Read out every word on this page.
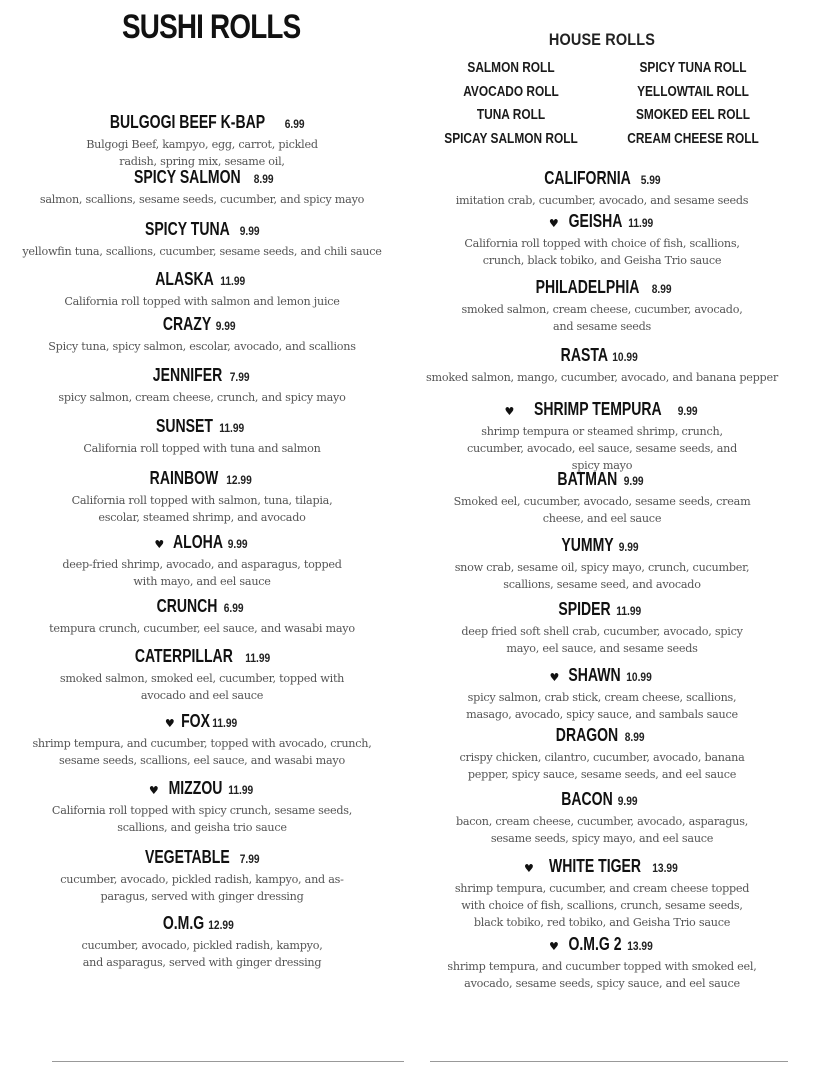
SUSHI ROLLS
BULGOGI BEEF K-BAP 6.99

Bulgogi Beef, kampyo, egg, carrot, pickled radish, spring mix, sesame oil,

SPICY SALMON 8.99

salmon, scallions, sesame seeds, cucumber, and spicy mayo

SPICY TUNA 9.99

yellowfin tuna, scallions, cucumber, sesame seeds, and chili sauce

ALASKA 11.99

California roll topped with salmon and lemon juice

CRAZY 9.99

Spicy tuna, spicy salmon, escolar, avocado, and scallions

JENNIFER 7.99

spicy salmon, cream cheese, crunch, and spicy mayo

SUNSET 11.99

California roll topped with tuna and salmon

RAINBOW 12.99

California roll topped with salmon, tuna, tilapia, escolar, steamed shrimp, and avocado

♥ ALOHA 9.99

deep-fried shrimp, avocado, and asparagus, topped with mayo, and eel sauce

CRUNCH 6.99

tempura crunch, cucumber, eel sauce, and wasabi mayo

CATERPILLAR 11.99

smoked salmon, smoked eel, cucumber, topped with avocado and eel sauce

♥ FOX 11.99

shrimp tempura, and cucumber, topped with avocado, crunch, sesame seeds, scallions, eel sauce, and wasabi mayo

♥ MIZZOU 11.99

California roll topped with spicy crunch, sesame seeds, scallions, and geisha trio sauce

VEGETABLE 7.99

cucumber, avocado, pickled radish, kampyo, and as-paragus, served with ginger dressing

O.M.G 12.99

cucumber, avocado, pickled radish, kampyo, and asparagus, served with ginger dressing

HOUSE ROLLS
SALMON ROLL	SPICY TUNA ROLL
AVOCADO ROLL	YELLOWTAIL ROLL
TUNA ROLL	SMOKED EEL ROLL
SPICAY SALMON ROLL	CREAM CHEESE ROLL
CALIFORNIA 5.99

imitation crab, cucumber, avocado, and sesame seeds

♥ GEISHA 11.99

California roll topped with choice of fish, scallions, crunch, black tobiko, and Geisha Trio sauce

PHILADELPHIA 8.99

smoked salmon, cream cheese, cucumber, avocado, and sesame seeds

RASTA 10.99

smoked salmon, mango, cucumber, avocado, and banana pepper

♥ SHRIMP TEMPURA 9.99

shrimp tempura or steamed shrimp, crunch, cucumber, avocado, eel sauce, sesame seeds, and spicy mayo

BATMAN 9.99

Smoked eel, cucumber, avocado, sesame seeds, cream cheese, and eel sauce

YUMMY 9.99

snow crab, sesame oil, spicy mayo, crunch, cucumber, scallions, sesame seed, and avocado

SPIDER 11.99

deep fried soft shell crab, cucumber, avocado, spicy mayo, eel sauce, and sesame seeds

♥ SHAWN 10.99

spicy salmon, crab stick, cream cheese, scallions, masago, avocado, spicy sauce, and sambals sauce

DRAGON 8.99

crispy chicken, cilantro, cucumber, avocado, banana pepper, spicy sauce, sesame seeds, and eel sauce

BACON 9.99

bacon, cream cheese, cucumber, avocado, asparagus, sesame seeds, spicy mayo, and eel sauce

♥ WHITE TIGER 13.99

shrimp tempura, cucumber, and cream cheese topped with choice of fish, scallions, crunch, sesame seeds, black tobiko, red tobiko, and Geisha Trio sauce

♥ O.M.G 2 13.99

shrimp tempura, and cucumber topped with smoked eel, avocado, sesame seeds, spicy sauce, and eel sauce
